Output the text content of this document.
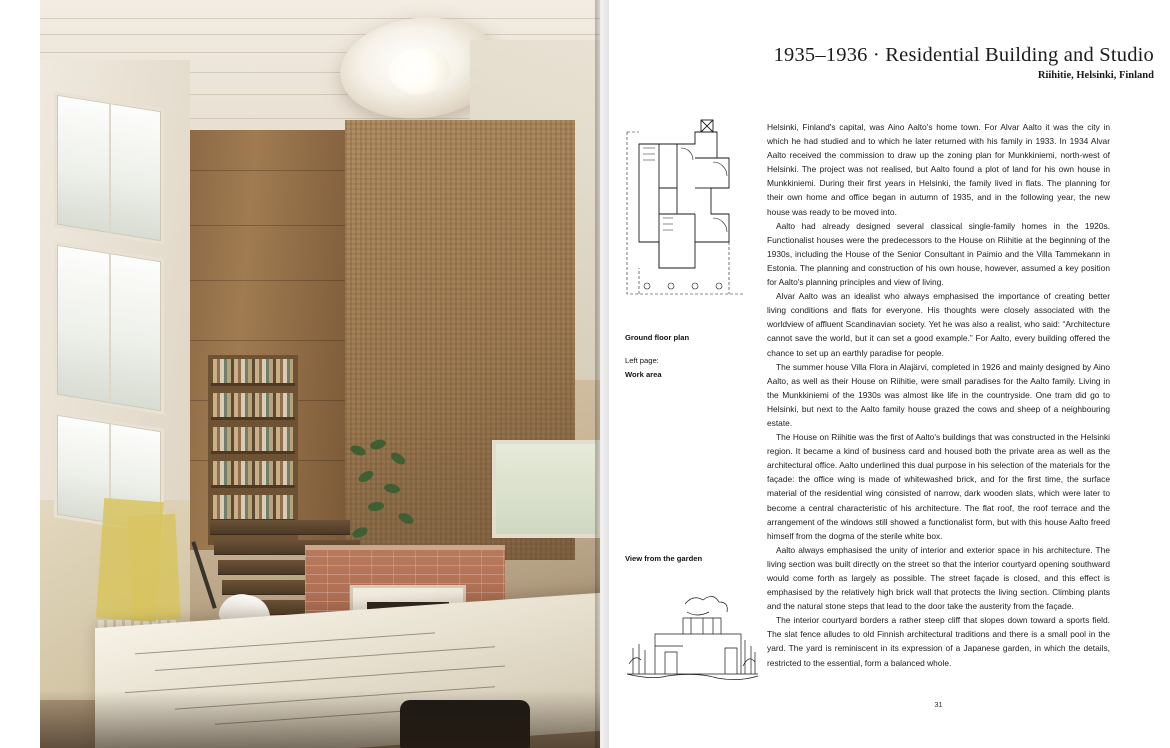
1935–1936 · Residential Building and Studio
Riihitie, Helsinki, Finland
Ground floor plan
Left page:
Work area
View from the garden

Helsinki, Finland's capital, was Aino Aalto's home town. For Alvar Aalto it was the city in which he had studied and to which he later returned with his family in 1933. In 1934 Alvar Aalto received the commission to draw up the zoning plan for Munkkiniemi, north-west of Helsinki. The project was not realised, but Aalto found a plot of land for his own house in Munkkiniemi. During their first years in Helsinki, the family lived in flats. The planning for their own home and office began in autumn of 1935, and in the following year, the new house was ready to be moved into.

Aalto had already designed several classical single-family homes in the 1920s. Functionalist houses were the predecessors to the House on Riihitie at the beginning of the 1930s, including the House of the Senior Consultant in Paimio and the Villa Tammekann in Estonia. The planning and construction of his own house, however, assumed a key position for Aalto's planning principles and view of living.

Alvar Aalto was an idealist who always emphasised the importance of creating better living conditions and flats for everyone. His thoughts were closely associated with the worldview of affluent Scandinavian society. Yet he was also a realist, who said: “Architecture cannot save the world, but it can set a good example.” For Aalto, every building offered the chance to set up an earthly paradise for people.

The summer house Villa Flora in Alajärvi, completed in 1926 and mainly designed by Aino Aalto, as well as their House on Riihitie, were small paradises for the Aalto family. Living in the Munkkiniemi of the 1930s was almost like life in the countryside. One tram did go to Helsinki, but next to the Aalto family house grazed the cows and sheep of a neighbouring estate.

The House on Riihitie was the first of Aalto's buildings that was constructed in the Helsinki region. It became a kind of business card and housed both the private area as well as the architectural office. Aalto underlined this dual purpose in his selection of the materials for the façade: the office wing is made of whitewashed brick, and for the first time, the surface material of the residential wing consisted of narrow, dark wooden slats, which were later to become a central characteristic of his architecture. The flat roof, the roof terrace and the arrangement of the windows still showed a functionalist form, but with this house Aalto freed himself from the dogma of the sterile white box.

Aalto always emphasised the unity of interior and exterior space in his architecture. The living section was built directly on the street so that the interior courtyard opening southward would come forth as largely as possible. The street façade is closed, and this effect is emphasised by the relatively high brick wall that protects the living section. Climbing plants and the natural stone steps that lead to the door take the austerity from the façade.

The interior courtyard borders a rather steep cliff that slopes down toward a sports field. The slat fence alludes to old Finnish architectural traditions and there is a small pool in the yard. The yard is reminiscent in its expression of a Japanese garden, in which the details, restricted to the essential, form a balanced whole.

31
